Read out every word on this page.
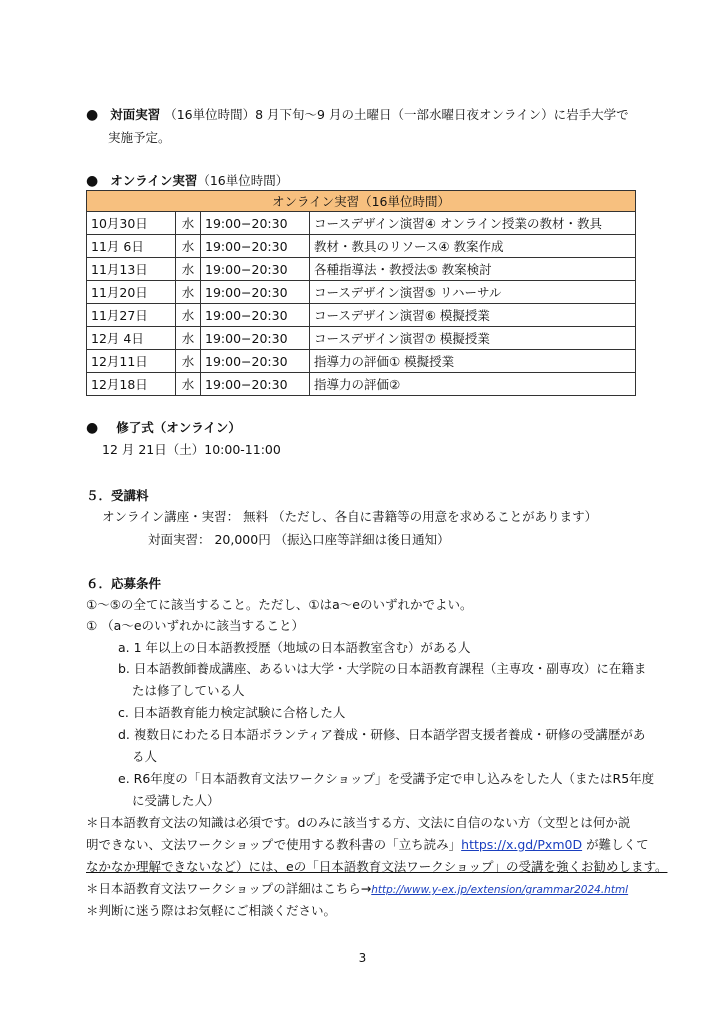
● 対面実習 （16単位時間）8 月下旬～9 月の土曜日（一部水曜日夜オンライン）に岩手大学で
実施予定。
● オンライン実習（16単位時間）
オンライン実習（16単位時間）			
10月30日	水	19:00−20:30	コースデザイン演習④ オンライン授業の教材・教具
11月 6日	水	19:00−20:30	教材・教具のリソース④ 教案作成
11月13日	水	19:00−20:30	各種指導法・教授法⑤ 教案検討
11月20日	水	19:00−20:30	コースデザイン演習⑤ リハーサル
11月27日	水	19:00−20:30	コースデザイン演習⑥ 模擬授業
12月 4日	水	19:00−20:30	コースデザイン演習⑦ 模擬授業
12月11日	水	19:00−20:30	指導力の評価① 模擬授業
12月18日	水	19:00−20:30	指導力の評価②
● 修了式（オンライン）
12 月 21日（土）10:00-11:00
５．受講料
オンライン講座・実習： 無料 （ただし、各自に書籍等の用意を求めることがあります）
対面実習： 20,000円 （振込口座等詳細は後日通知）
６．応募条件
①～⑤の全てに該当すること。ただし、①はa～eのいずれかでよい。
① （a～eのいずれかに該当すること）
a. 1 年以上の日本語教授歴（地域の日本語教室含む）がある人
b. 日本語教師養成講座、あるいは大学・大学院の日本語教育課程（主専攻・副専攻）に在籍ま
たは修了している人
c. 日本語教育能力検定試験に合格した人
d. 複数日にわたる日本語ボランティア養成・研修、日本語学習支援者養成・研修の受講歴があ
る人
e. R6年度の「日本語教育文法ワークショップ」を受講予定で申し込みをした人（またはR5年度
に受講した人）
＊日本語教育文法の知識は必須です。dのみに該当する方、文法に自信のない方（文型とは何か説
明できない、文法ワークショップで使用する教科書の「立ち読み」https://x.gd/Pxm0D が難しくて
なかなか理解できないなど）には、eの「日本語教育文法ワークショップ」の受講を強くお勧めします。
＊日本語教育文法ワークショップの詳細はこちら→http://www.y-ex.jp/extension/grammar2024.html
＊判断に迷う際はお気軽にご相談ください。
3
